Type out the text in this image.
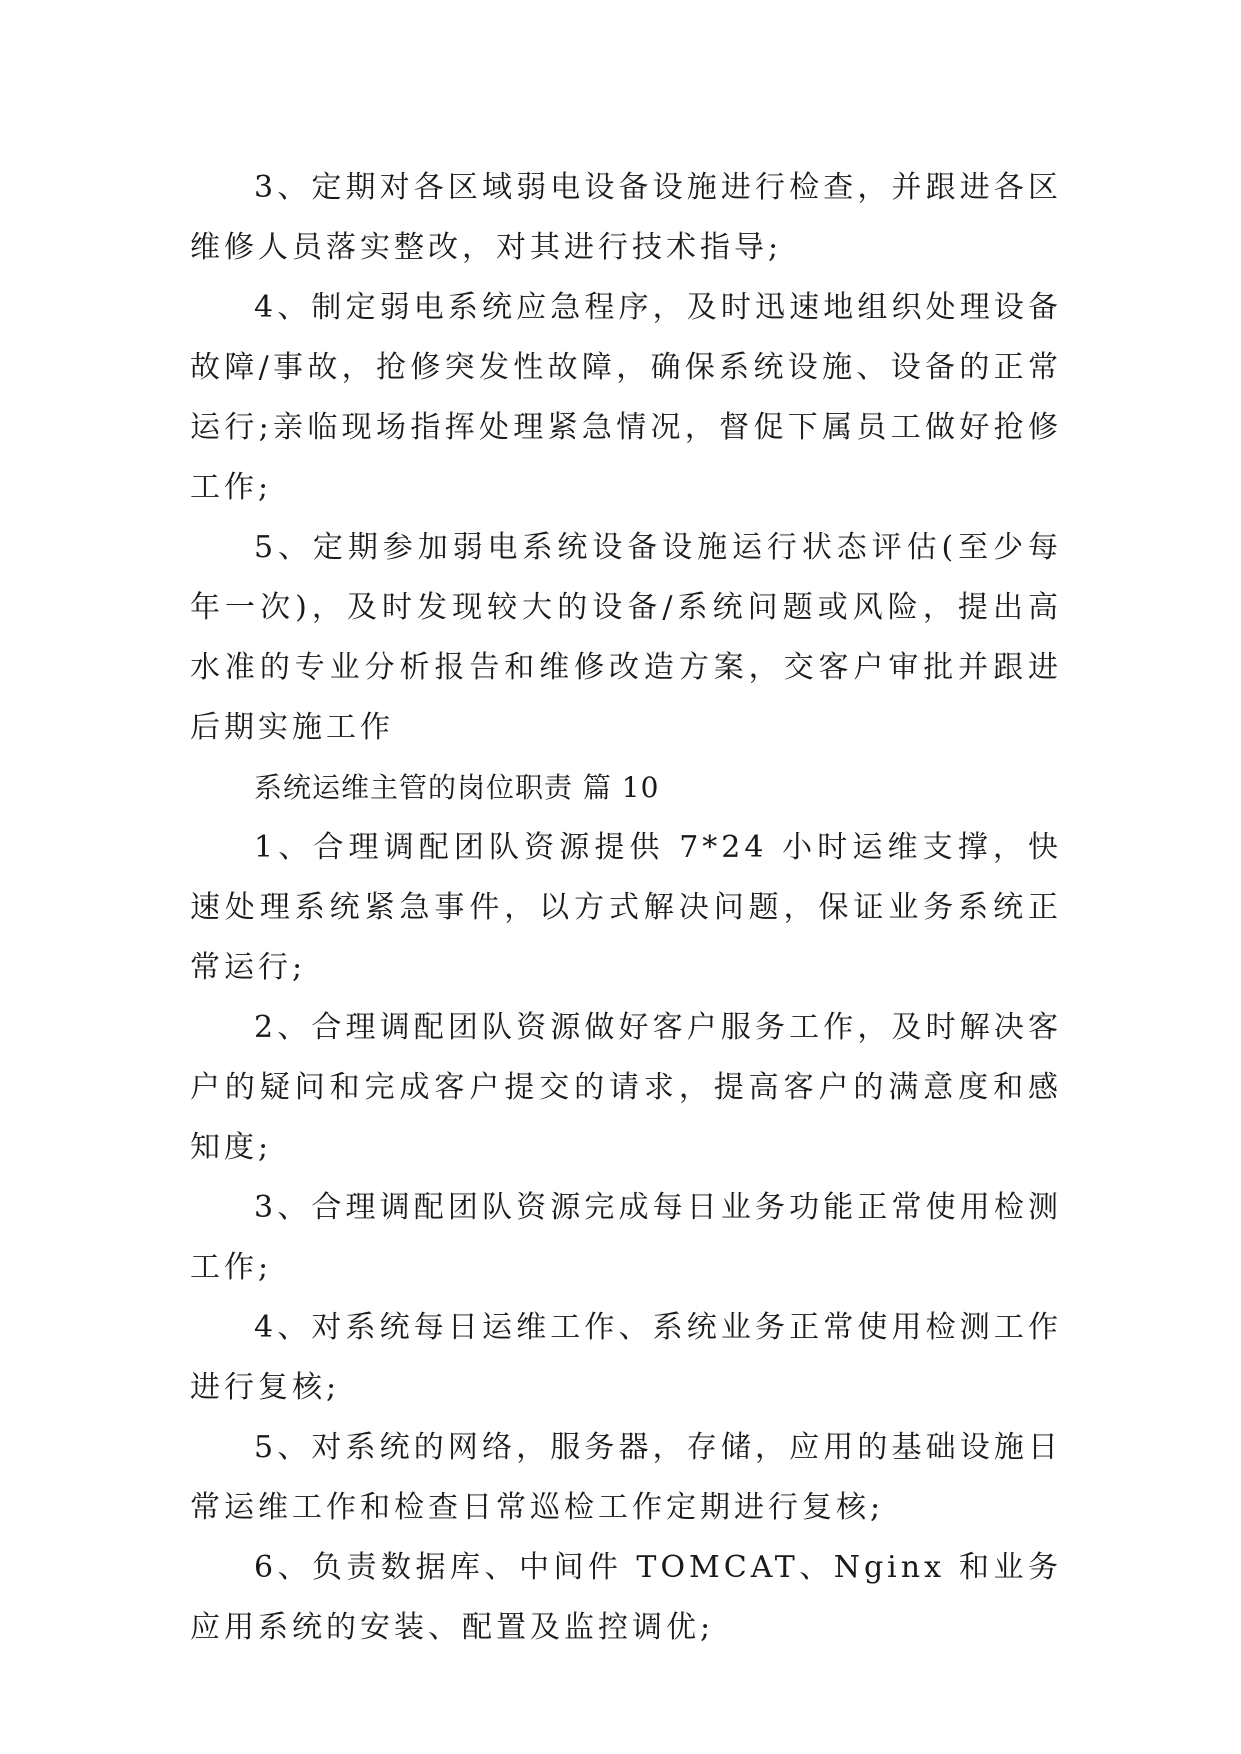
3、定期对各区域弱电设备设施进行检查，并跟进各区维修人员落实整改，对其进行技术指导;

4、制定弱电系统应急程序，及时迅速地组织处理设备故障/事故，抢修突发性故障，确保系统设施、设备的正常运行;亲临现场指挥处理紧急情况，督促下属员工做好抢修工作;

5、定期参加弱电系统设备设施运行状态评估(至少每年一次)，及时发现较大的设备/系统问题或风险，提出高水准的专业分析报告和维修改造方案，交客户审批并跟进后期实施工作

系统运维主管的岗位职责 篇 10

1、合理调配团队资源提供 7*24 小时运维支撑，快速处理系统紧急事件，以方式解决问题，保证业务系统正常运行;

2、合理调配团队资源做好客户服务工作，及时解决客户的疑问和完成客户提交的请求，提高客户的满意度和感知度;

3、合理调配团队资源完成每日业务功能正常使用检测工作;

4、对系统每日运维工作、系统业务正常使用检测工作进行复核;

5、对系统的网络，服务器，存储，应用的基础设施日常运维工作和检查日常巡检工作定期进行复核;

6、负责数据库、中间件 TOMCAT、Nginx 和业务应用系统的安装、配置及监控调优;
